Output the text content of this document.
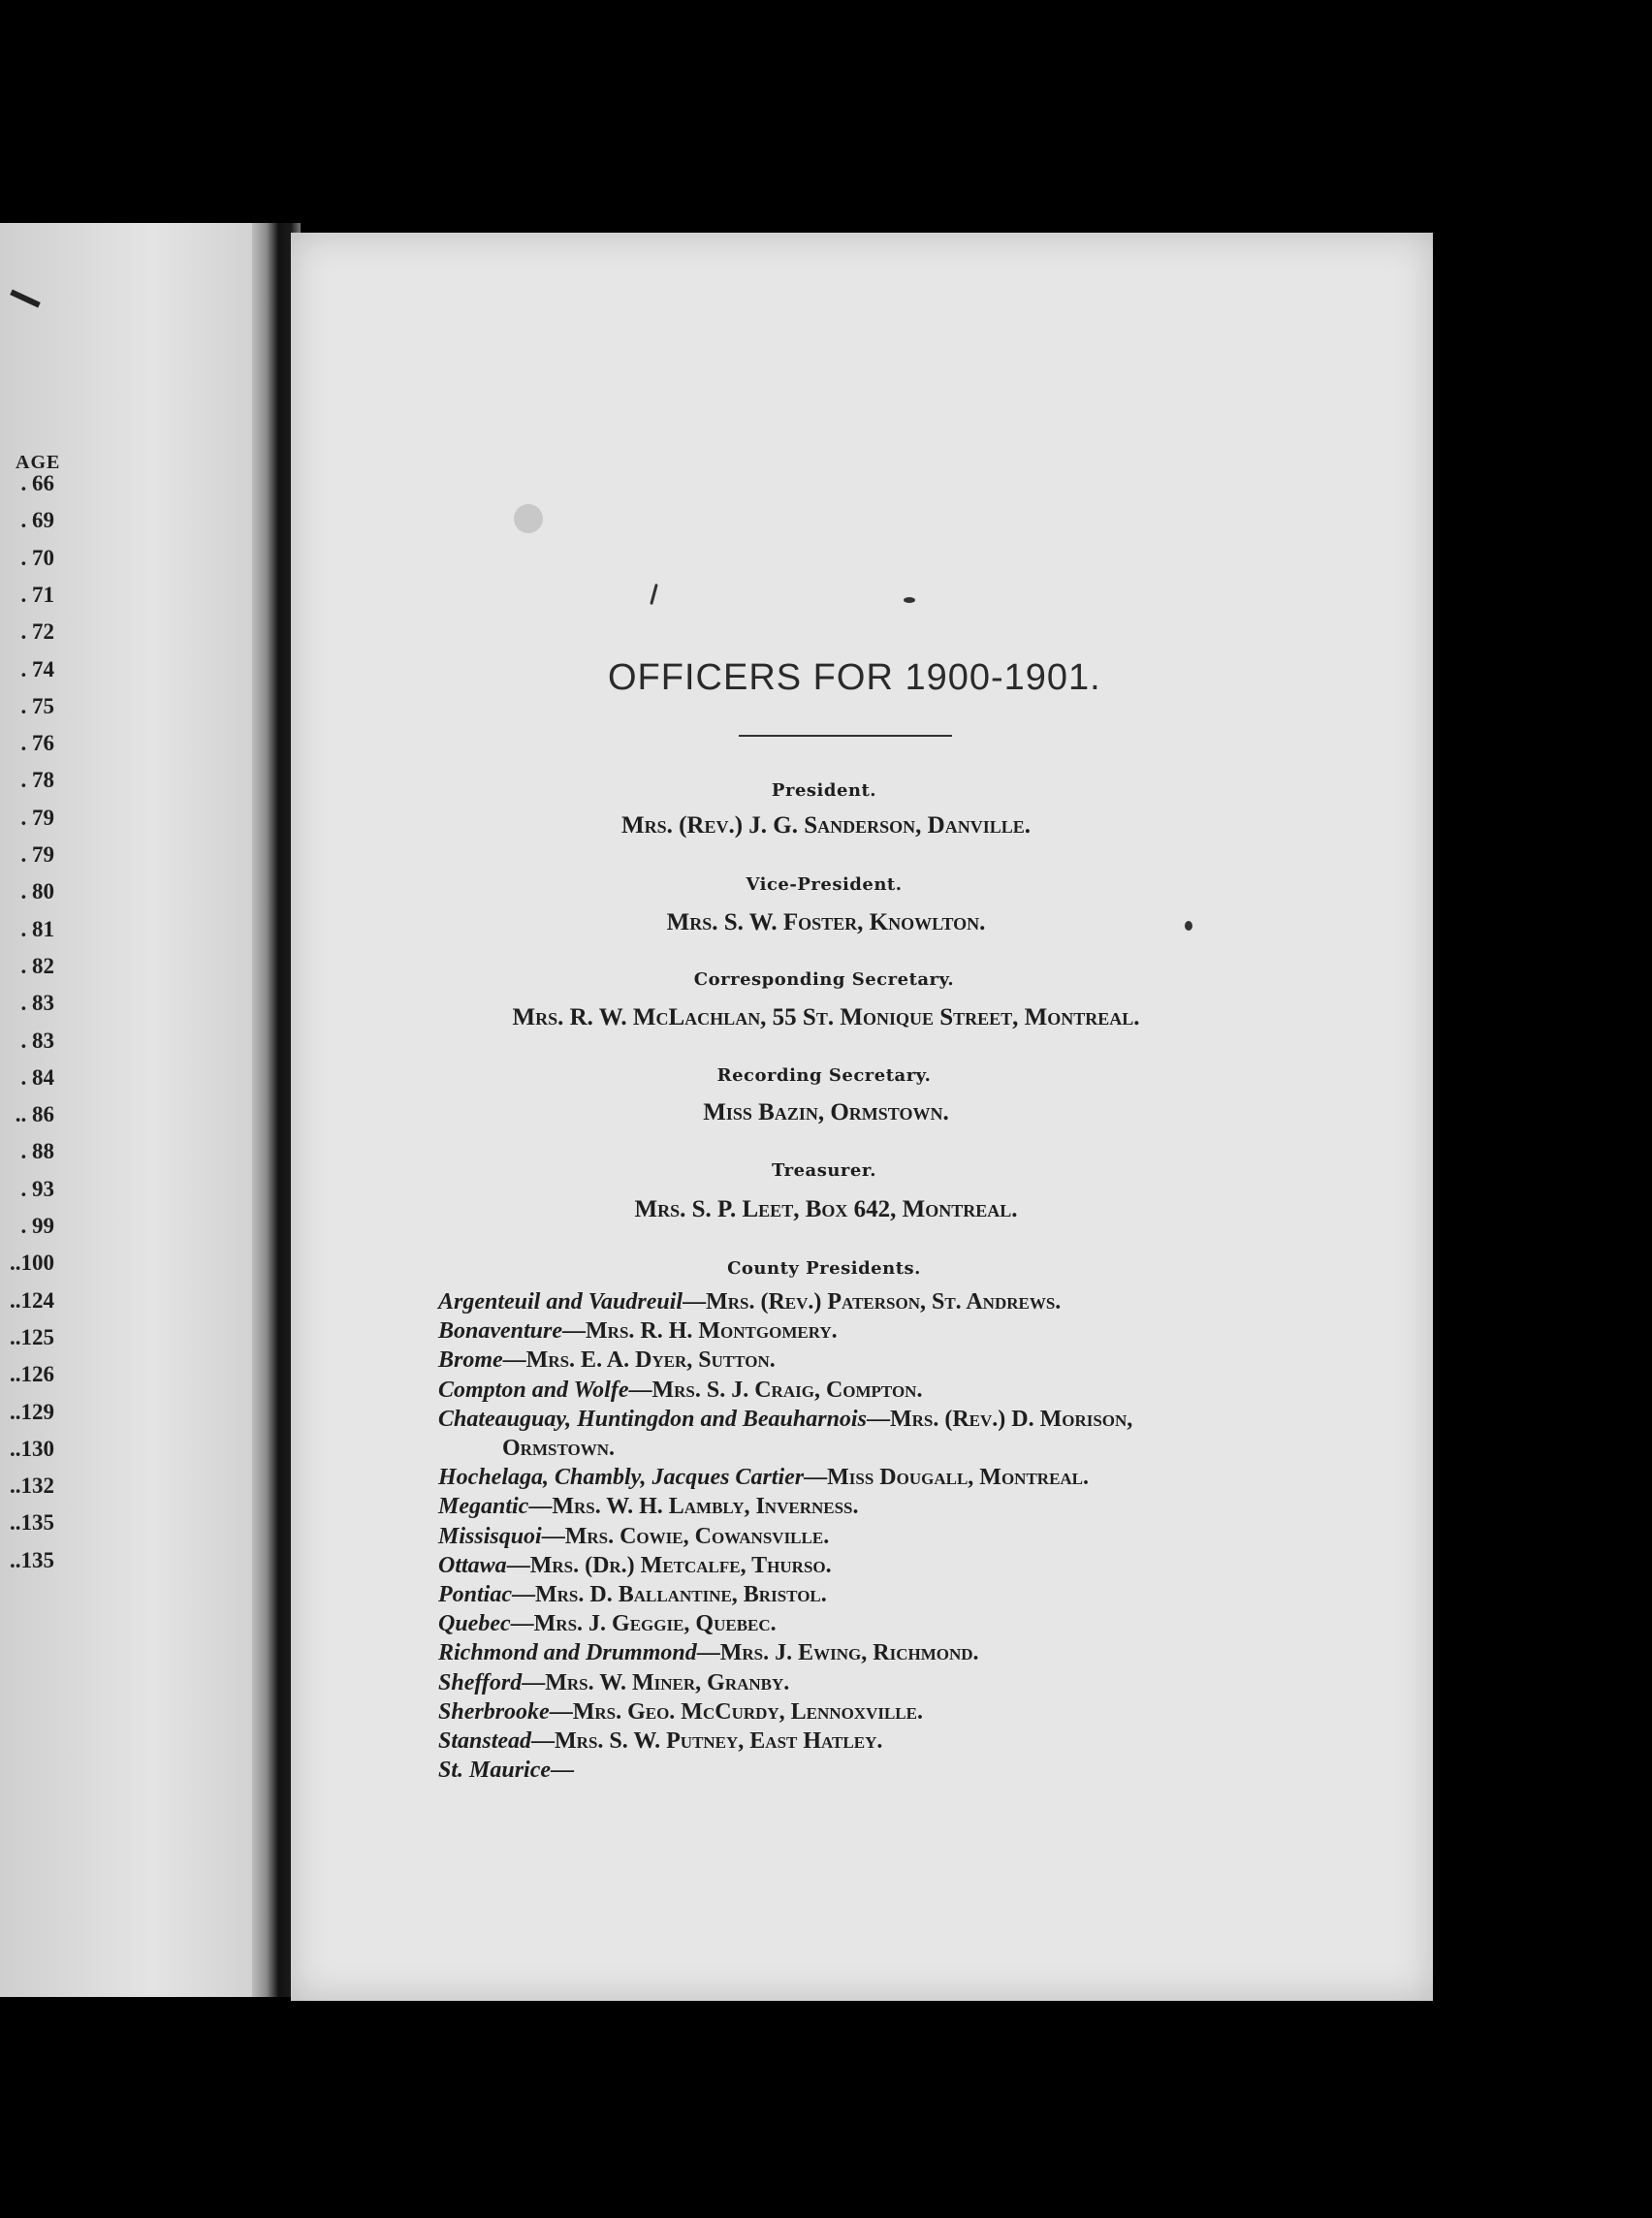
AGE
. 66
. 69
. 70
. 71
. 72
. 74
. 75
. 76
. 78
. 79
. 79
. 80
. 81
. 82
. 83
. 83
. 84
.. 86
. 88
. 93
. 99
..100
..124
..125
..126
..129
..130
..132
..135
..135
OFFICERS FOR 1900-1901.
President.
Mrs. (Rev.) J. G. Sanderson, Danville.
Vice-President.
Mrs. S. W. Foster, Knowlton.
Corresponding Secretary.
Mrs. R. W. McLachlan, 55 St. Monique Street, Montreal.
Recording Secretary.
Miss Bazin, Ormstown.
Treasurer.
Mrs. S. P. Leet, Box 642, Montreal.
County Presidents.
Argenteuil and Vaudreuil—Mrs. (Rev.) Paterson, St. Andrews.
Bonaventure—Mrs. R. H. Montgomery.
Brome—Mrs. E. A. Dyer, Sutton.
Compton and Wolfe—Mrs. S. J. Craig, Compton.
Chateauguay, Huntingdon and Beauharnois—Mrs. (Rev.) D. Morison,
Ormstown.
Hochelaga, Chambly, Jacques Cartier—Miss Dougall, Montreal.
Megantic—Mrs. W. H. Lambly, Inverness.
Missisquoi—Mrs. Cowie, Cowansville.
Ottawa—Mrs. (Dr.) Metcalfe, Thurso.
Pontiac—Mrs. D. Ballantine, Bristol.
Quebec—Mrs. J. Geggie, Quebec.
Richmond and Drummond—Mrs. J. Ewing, Richmond.
Shefford—Mrs. W. Miner, Granby.
Sherbrooke—Mrs. Geo. McCurdy, Lennoxville.
Stanstead—Mrs. S. W. Putney, East Hatley.
St. Maurice—
